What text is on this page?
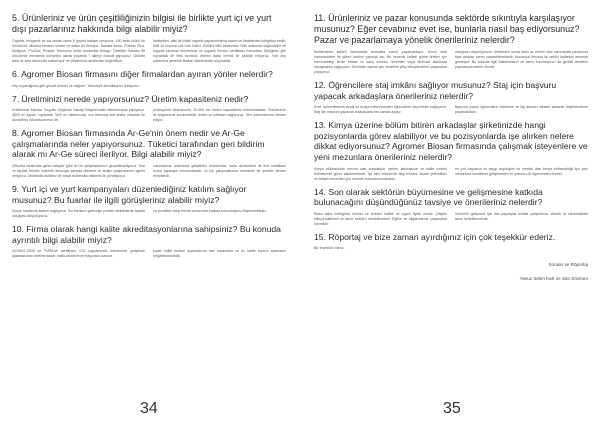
5. Ürünleriniz ve ürün çeşitliliğinizin bilgisi ile birlikte yurt içi ve yurt dışı pazarlarınız hakkında bilgi alabilir miyiz?

Organik, inorganik ve toz olmak üzere 8 grupta faaliyet veriyoruz. 150 farklı ürünü ile ürünümüz olmakla beraber üreten ve satan bir firmayız. Sasaka seraz, Polmax Plus, Multiplus, ProZinc, Prosalt, Termonox serisi bunlardan birkaçı. Özellikle Sasaka 96 ürünümüz mevsimlik kompleks olarak pazarda 7 ülkeye ihracat yapıyoruz. Ürünler tarla ve sera tarımında kullanılıyor ve çiftçilerimiz tarafından beğeniliyor.

faaliyetleri, bitki ile ilintisi organik yapılandırılmış kalem ve ifadelerden kolaylıkla emilir, bitki öz suyuna çok hızlı katılır. Emilimi bitki tarafından %90 oranında sağlanabilir ve organik tarımsal ürünlerimiz ve organik formun sertifikası mevcuttur. Bildiğimiz gibi topraktaki ile bitki kontrolü üretimi daha verimli bir şekilde ediyoruz. Yurt dışı pazarımız genelde Balkan ülkelerinden oluşmakta.

6. Agromer Biosan firmasını diğer firmalardan ayıran yönler nelerdir?

Hep söylediğimiz gibi güncel ürünler ve dağıtım. Teknolojik formülasyon üretiyoruz.

7. Üretiminizi nerede yapıyorsunuz? Üretim kapasiteniz nedir?

Üretimimizi Manisa Turgutlu Organize Sanayi Bölgesi'ndeki fabrikamızda yapıyoruz. 4800 m² kapalı, toplamda 7600 m² alanımızda, son teknoloji test analiz cihazları ile donatılmış laboratuvarımız ile.

profesyonel kadromuzla, 20.000 ton üretim kapasitemiz bulunmaktadır. Tesislerimiz ile bölgemizde sürdürülebilir üretim ve istihdam sağlıyoruz. Yeni yatırımlarımız devam ediyor.

8. Agromer Biosan firmasında Ar-Ge'nin önem nedir ve Ar-Ge çalışmalarında neler yapıyorsunuz. Tüketici tarafından geri bildirim alarak mı Ar-Ge süreci ilerliyor. Bilgi alabilir miyiz?

Çiftçimiz tarafından gelen talepler göre Ar-Ge çalışmalarımızı gerçekleştiriyoruz. Yeni ve faydalı ürünler üretmek amacıyla sahada deneme ve analiz çalışmalarına ağırlık veriyoruz. Mühendis ekibimiz ile ziraat mühendisi ekibimiz ile yürütüyoruz.

Laboratuvar ortamında geliştirilen ürünlerimiz, saha denemeleri ile test edildikten sonra piyasaya sunulmaktadır. Ar-Ge çalışmalarımız kesintisiz bir şekilde devam etmektedir.

9. Yurt içi ve yurt kampanyaları düzenlediğiniz katılım sağlıyor musunuz? Bu fuarlar ile ilgili görüşleriniz alabilir miyiz?

Kimya fuarlarına katılım sağlıyoruz. Bu fuarların geleceğe yönelik etkinliklerde faydalı olduğunu düşünüyoruz.

ve yenilikleri takip etmek adına bize katkıda bulunduğunu düşünmekteyiz.

10. Firma olarak hangi kalite akreditasyonlarına sahipsiniz? Bu konuda ayrıntılı bilgi alabilir miyiz?

ISO9001:2008 ve TÜRKAK sertifikası, ISO kapsamında ürünlerimiz geliştirme aşamasından üretime kadar, hatta ürünlerin en başından sonuna

kadar kalite kontrol aşamalarına tabi tutulmakta ve bu kalite kontrol aşamaları belgelenmektedir.

34
11. Ürünleriniz ve pazar konusunda sektörde sıkıntıyla karşılaşıyor musunuz? Eğer cevabınız evet ise, bunlarla nasıl baş ediyorsunuz? Pazar ve pazarlamaya yönelik önerileriniz nelerdir?

Muhtemelen kaliteli hammadde bulmakta sıkıntı yaşamaktayız. Sınırlı olan hammaddeler ile gübre üretimi yapmak zor. Bu nedenle kaliteli gübre üretimi için hammaddeyi temin etmek ve satış sonrası hizmetler veya tarımsal alanlarda danışmanlık sağlıyoruz. Sıkıntıları aşmak için öncelikle çiftçi bilinçlendirme çalışmaları yapıyoruz.

olduğunu düşünüyorum. Üretimden sonra daha az verimli olan hammadde pazarında fiyat artışları sorun yaratabilmektedir. Kurumsal firmalar ile sektör kalitesini artırmak gerekiyor. Bu konuda ilgili bakanlıkların ve kamu kurumlarının da gerekli denetimi yapmasıyla sektör düzelir.

12. Öğrencilere staj imkânı sağlıyor musunuz? Staj için başvuru yapacak arkadaşlara önerileriniz nelerdir?

Evet, üniversitelerin ziraat ve kimya bölümlerinden öğrencilere staj imkânı sağlıyoruz. Staj için başvuru yapacak arkadaşlara her zaman açığız.

Başvuru yapan öğrencilerin bölümleri ve ilgi alanları dikkate alınarak değerlendirme yapılmaktadır.

13. Kimya üzerine bölüm bitiren arkadaşlar şirketinizde hangi pozisyonlarda görev alabiliyor ve bu pozisyonlarda işe alırken nelere dikkat ediyorsunuz? Agromer Biosan firmasında çalışmak isteyenlere ve yeni mezunlara önerileriniz nelerdir?

Kimya bölümünden mezun olan arkadaşlar, üretim, laboratuvar ve kalite kontrol birimlerinde görev alabilmektedir. İşe alım sürecinde bilgi birikimi, kişisel yetkinlikler ve iletişim becerileri göz önünde bulundurulmaktadır.

en çok hayranlık ve saygı duyduğum bir meslek olan kimya mühendisliği için yeni mezunlara kendilerini geliştirmeleri ve yabancı dil öğrenmeleri önerilir.

14. Son olarak sektörün büyümesine ve gelişmesine katkıda bulunacağını düşündüğünüz tavsiye ve önerileriniz nelerdir?

Bizim daha ürettiğimiz ürünler ve ürünleri kaliteli ve uygun fiyatlı olmalı. Çiftçiler bilinçlendirilmeli ve tarım sektörü desteklenmeli. Eğitim ve bilgilendirme çalışmaları önemlidir.

Sektörün gelişmesi için tüm paydaşlar birlikte çalışmalıdır. Verimli ve sürdürülebilir tarım hedeflenmelidir.

15. Röportaj ve bize zaman ayırdığınız için çok teşekkür ederiz.

Biz teşekkür ederiz.

Sorular ve Röportaj
Yavuz Selim Kart ve Sıla Sözmen
35
